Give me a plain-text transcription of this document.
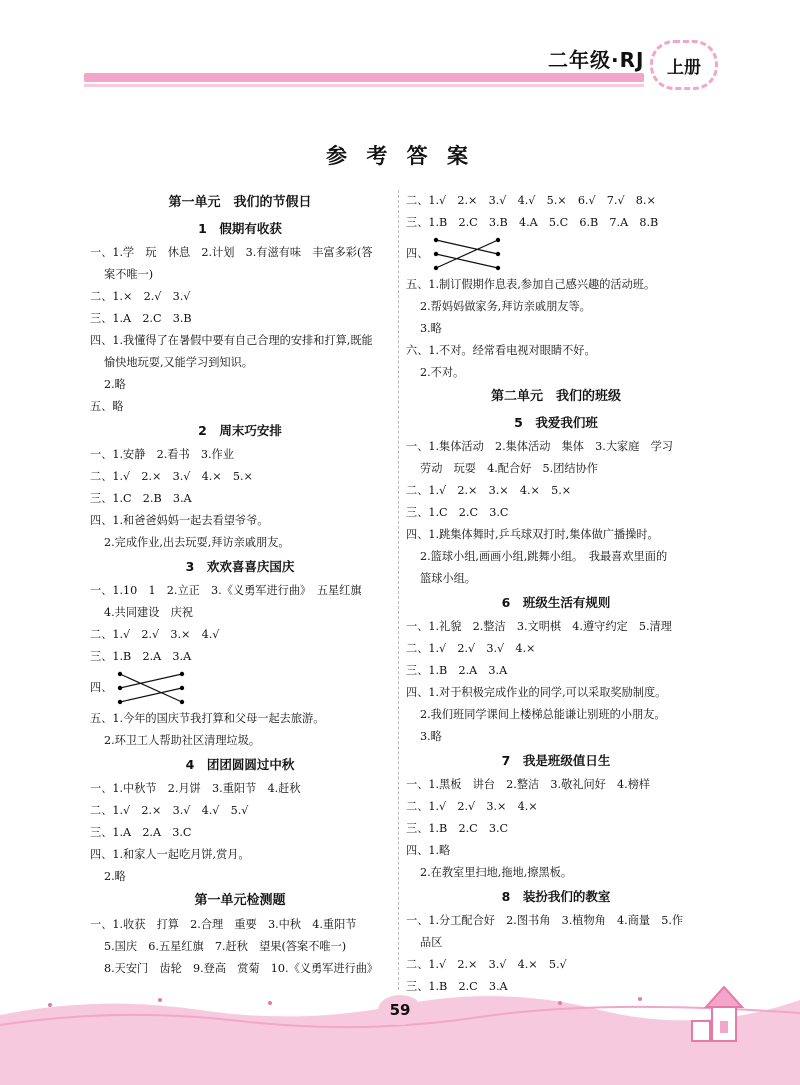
二年级·RJ	上册
参 考 答 案
第一单元　我们的节假日
1　假期有收获
一、1.学　玩　休息　2.计划　3.有滋有味　丰富多彩(答
案不唯一)
二、1.×　2.√　3.√
三、1.A　2.C　3.B
四、1.我懂得了在暑假中要有自己合理的安排和打算,既能
愉快地玩耍,又能学习到知识。
2.略
五、略
2　周末巧安排
一、1.安静　2.看书　3.作业
二、1.√　2.×　3.√　4.×　5.×
三、1.C　2.B　3.A
四、1.和爸爸妈妈一起去看望爷爷。
2.完成作业,出去玩耍,拜访亲戚朋友。
3　欢欢喜喜庆国庆
一、1.10　1　2.立正　3.《义勇军进行曲》　五星红旗
4.共同建设　庆祝
二、1.√　2.√　3.×　4.√
三、1.B　2.A　3.A
四、
五、1.今年的国庆节我打算和父母一起去旅游。
2.环卫工人帮助社区清理垃圾。
4　团团圆圆过中秋
一、1.中秋节　2.月饼　3.重阳节　4.赶秋
二、1.√　2.×　3.√　4.√　5.√
三、1.A　2.A　3.C
四、1.和家人一起吃月饼,赏月。
2.略
第一单元检测题
一、1.收获　打算　2.合理　重要　3.中秋　4.重阳节
5.国庆　6.五星红旗　7.赶秋　望果(答案不唯一)
8.天安门　齿轮　9.登高　赏菊　10.《义勇军进行曲》
二、1.√　2.×　3.√　4.√　5.×　6.√　7.√　8.×
三、1.B　2.C　3.B　4.A　5.C　6.B　7.A　8.B
四、
五、1.制订假期作息表,参加自己感兴趣的活动班。
2.帮妈妈做家务,拜访亲戚朋友等。
3.略
六、1.不对。经常看电视对眼睛不好。
2.不对。
第二单元　我们的班级
5　我爱我们班
一、1.集体活动　2.集体活动　集体　3.大家庭　学习
劳动　玩耍　4.配合好　5.团结协作
二、1.√　2.×　3.×　4.×　5.×
三、1.C　2.C　3.C
四、1.跳集体舞时,乒乓球双打时,集体做广播操时。
2.篮球小组,画画小组,跳舞小组。　我最喜欢里面的
篮球小组。
6　班级生活有规则
一、1.礼貌　2.整洁　3.文明棋　4.遵守约定　5.清理
二、1.√　2.√　3.√　4.×
三、1.B　2.A　3.A
四、1.对于积极完成作业的同学,可以采取奖励制度。
2.我们班同学课间上楼梯总能谦让别班的小朋友。
3.略
7　我是班级值日生
一、1.黑板　讲台　2.整洁　3.敬礼问好　4.榜样
二、1.√　2.√　3.×　4.×
三、1.B　2.C　3.C
四、1.略
2.在教室里扫地,拖地,擦黑板。
8　装扮我们的教室
一、1.分工配合好　2.图书角　3.植物角　4.商量　5.作
品区
二、1.√　2.×　3.√　4.×　5.√
三、1.B　2.C　3.A
59
